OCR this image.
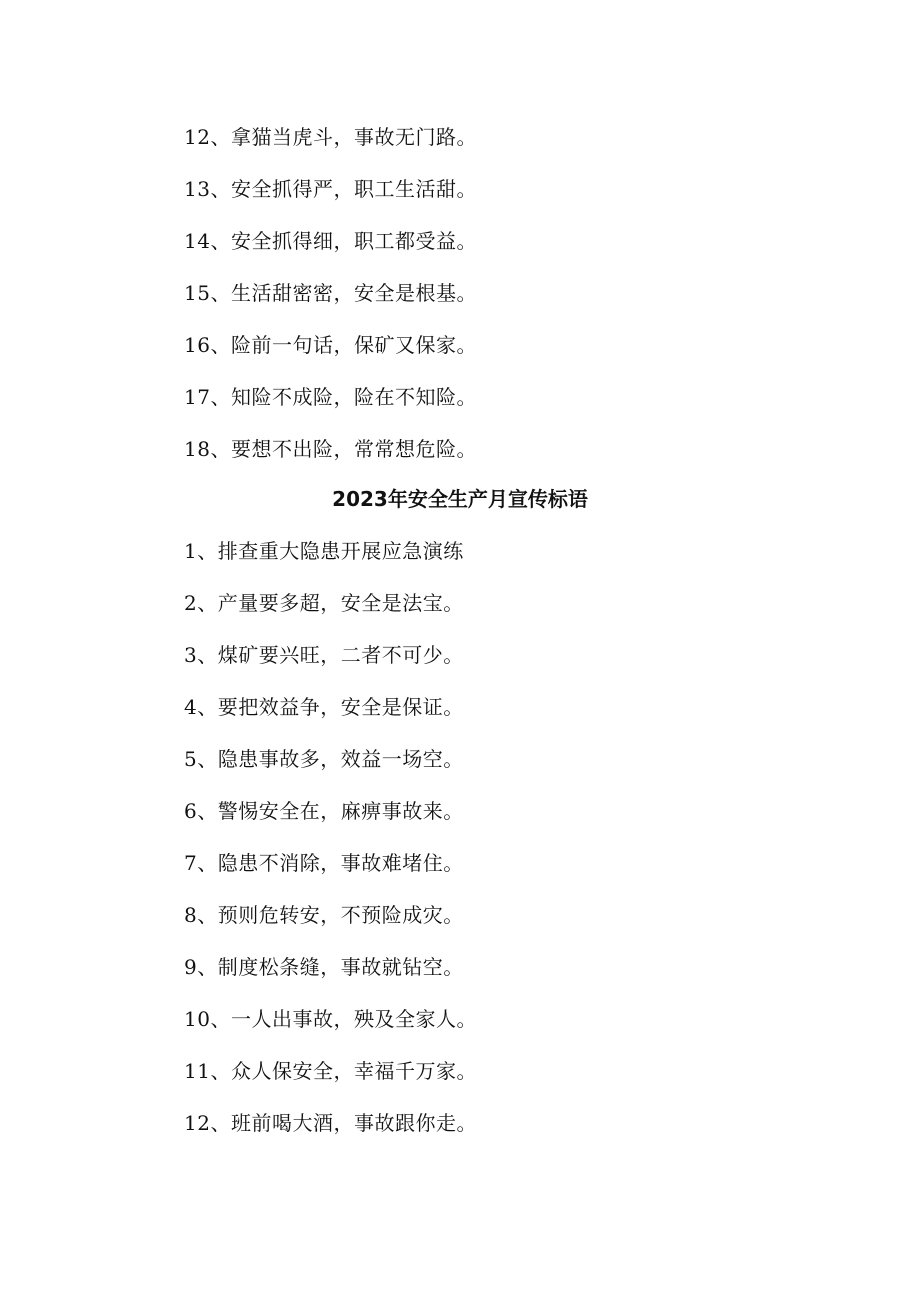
12、拿猫当虎斗，事故无门路。
13、安全抓得严，职工生活甜。
14、安全抓得细，职工都受益。
15、生活甜密密，安全是根基。
16、险前一句话，保矿又保家。
17、知险不成险，险在不知险。
18、要想不出险，常常想危险。
2023年安全生产月宣传标语
1、排查重大隐患开展应急演练
2、产量要多超，安全是法宝。
3、煤矿要兴旺，二者不可少。
4、要把效益争，安全是保证。
5、隐患事故多，效益一场空。
6、警惕安全在，麻痹事故来。
7、隐患不消除，事故难堵住。
8、预则危转安，不预险成灾。
9、制度松条缝，事故就钻空。
10、一人出事故，殃及全家人。
11、众人保安全，幸福千万家。
12、班前喝大酒，事故跟你走。
